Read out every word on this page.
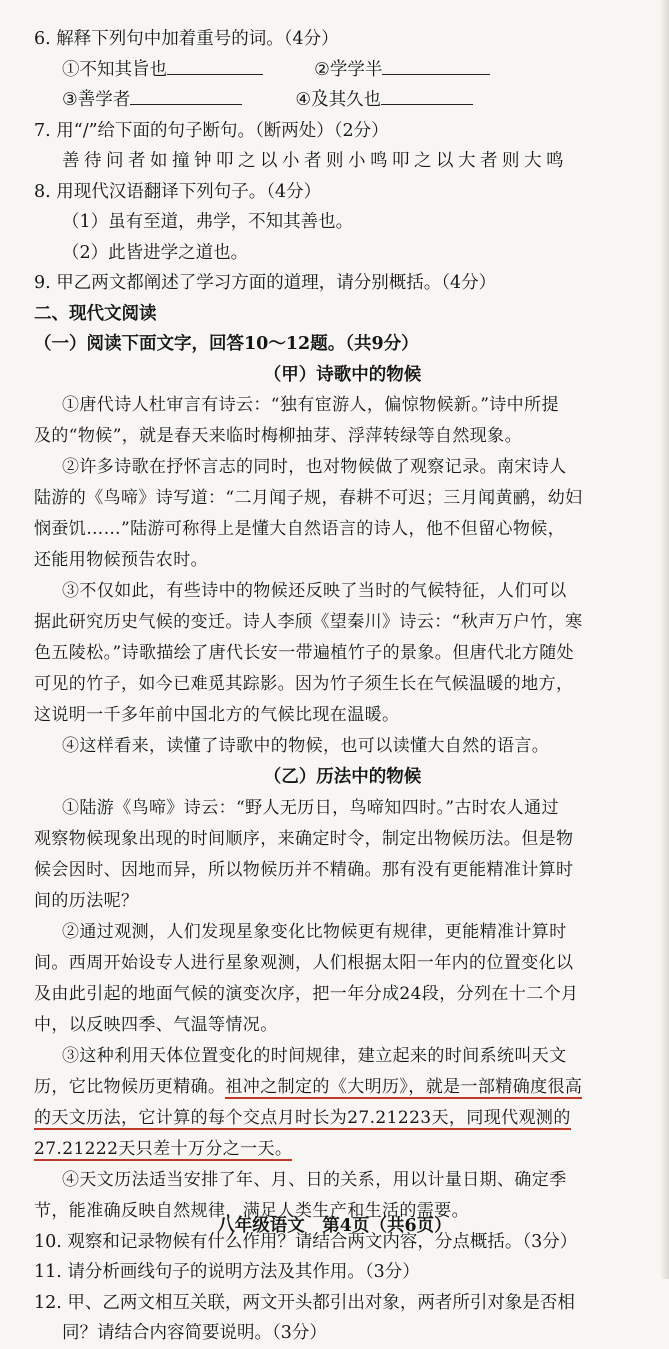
6. 解释下列句中加着重号的词。（4分）
①不知其旨也	②学学半
③善学者	④及其久也
7. 用“/”给下面的句子断句。（断两处）（2分）
善待问者如撞钟叩之以小者则小鸣叩之以大者则大鸣
8. 用现代汉语翻译下列句子。（4分）
（1）虽有至道，弗学，不知其善也。
（2）此皆进学之道也。
9. 甲乙两文都阐述了学习方面的道理，请分别概括。（4分）
二、现代文阅读
（一）阅读下面文字，回答10～12题。（共9分）
（甲）诗歌中的物候
①唐代诗人杜审言有诗云：“独有宦游人，偏惊物候新。”诗中所提
及的“物候”，就是春天来临时梅柳抽芽、浮萍转绿等自然现象。
②许多诗歌在抒怀言志的同时，也对物候做了观察记录。南宋诗人
陆游的《鸟啼》诗写道：“二月闻子规，春耕不可迟；三月闻黄鹂，幼妇
悯蚕饥……”陆游可称得上是懂大自然语言的诗人，他不但留心物候，
还能用物候预告农时。
③不仅如此，有些诗中的物候还反映了当时的气候特征，人们可以
据此研究历史气候的变迁。诗人李颀《望秦川》诗云：“秋声万户竹，寒
色五陵松。”诗歌描绘了唐代长安一带遍植竹子的景象。但唐代北方随处
可见的竹子，如今已难觅其踪影。因为竹子须生长在气候温暖的地方，
这说明一千多年前中国北方的气候比现在温暖。
④这样看来，读懂了诗歌中的物候，也可以读懂大自然的语言。
（乙）历法中的物候
①陆游《鸟啼》诗云：“野人无历日，鸟啼知四时。”古时农人通过
观察物候现象出现的时间顺序，来确定时令，制定出物候历法。但是物
候会因时、因地而异，所以物候历并不精确。那有没有更能精准计算时
间的历法呢？
②通过观测，人们发现星象变化比物候更有规律，更能精准计算时
间。西周开始设专人进行星象观测，人们根据太阳一年内的位置变化以
及由此引起的地面气候的演变次序，把一年分成24段，分列在十二个月
中，以反映四季、气温等情况。
③这种利用天体位置变化的时间规律，建立起来的时间系统叫天文
历，它比物候历更精确。祖冲之制定的《大明历》，就是一部精确度很高
的天文历法，它计算的每个交点月时长为27.21223天，同现代观测的
27.21222天只差十万分之一天。
④天文历法适当安排了年、月、日的关系，用以计量日期、确定季
节，能准确反映自然规律，满足人类生产和生活的需要。
10. 观察和记录物候有什么作用？请结合两文内容，分点概括。（3分）
11. 请分析画线句子的说明方法及其作用。（3分）
12. 甲、乙两文相互关联，两文开头都引出对象，两者所引对象是否相
同？请结合内容简要说明。（3分）
八年级语文　第4页（共6页）
